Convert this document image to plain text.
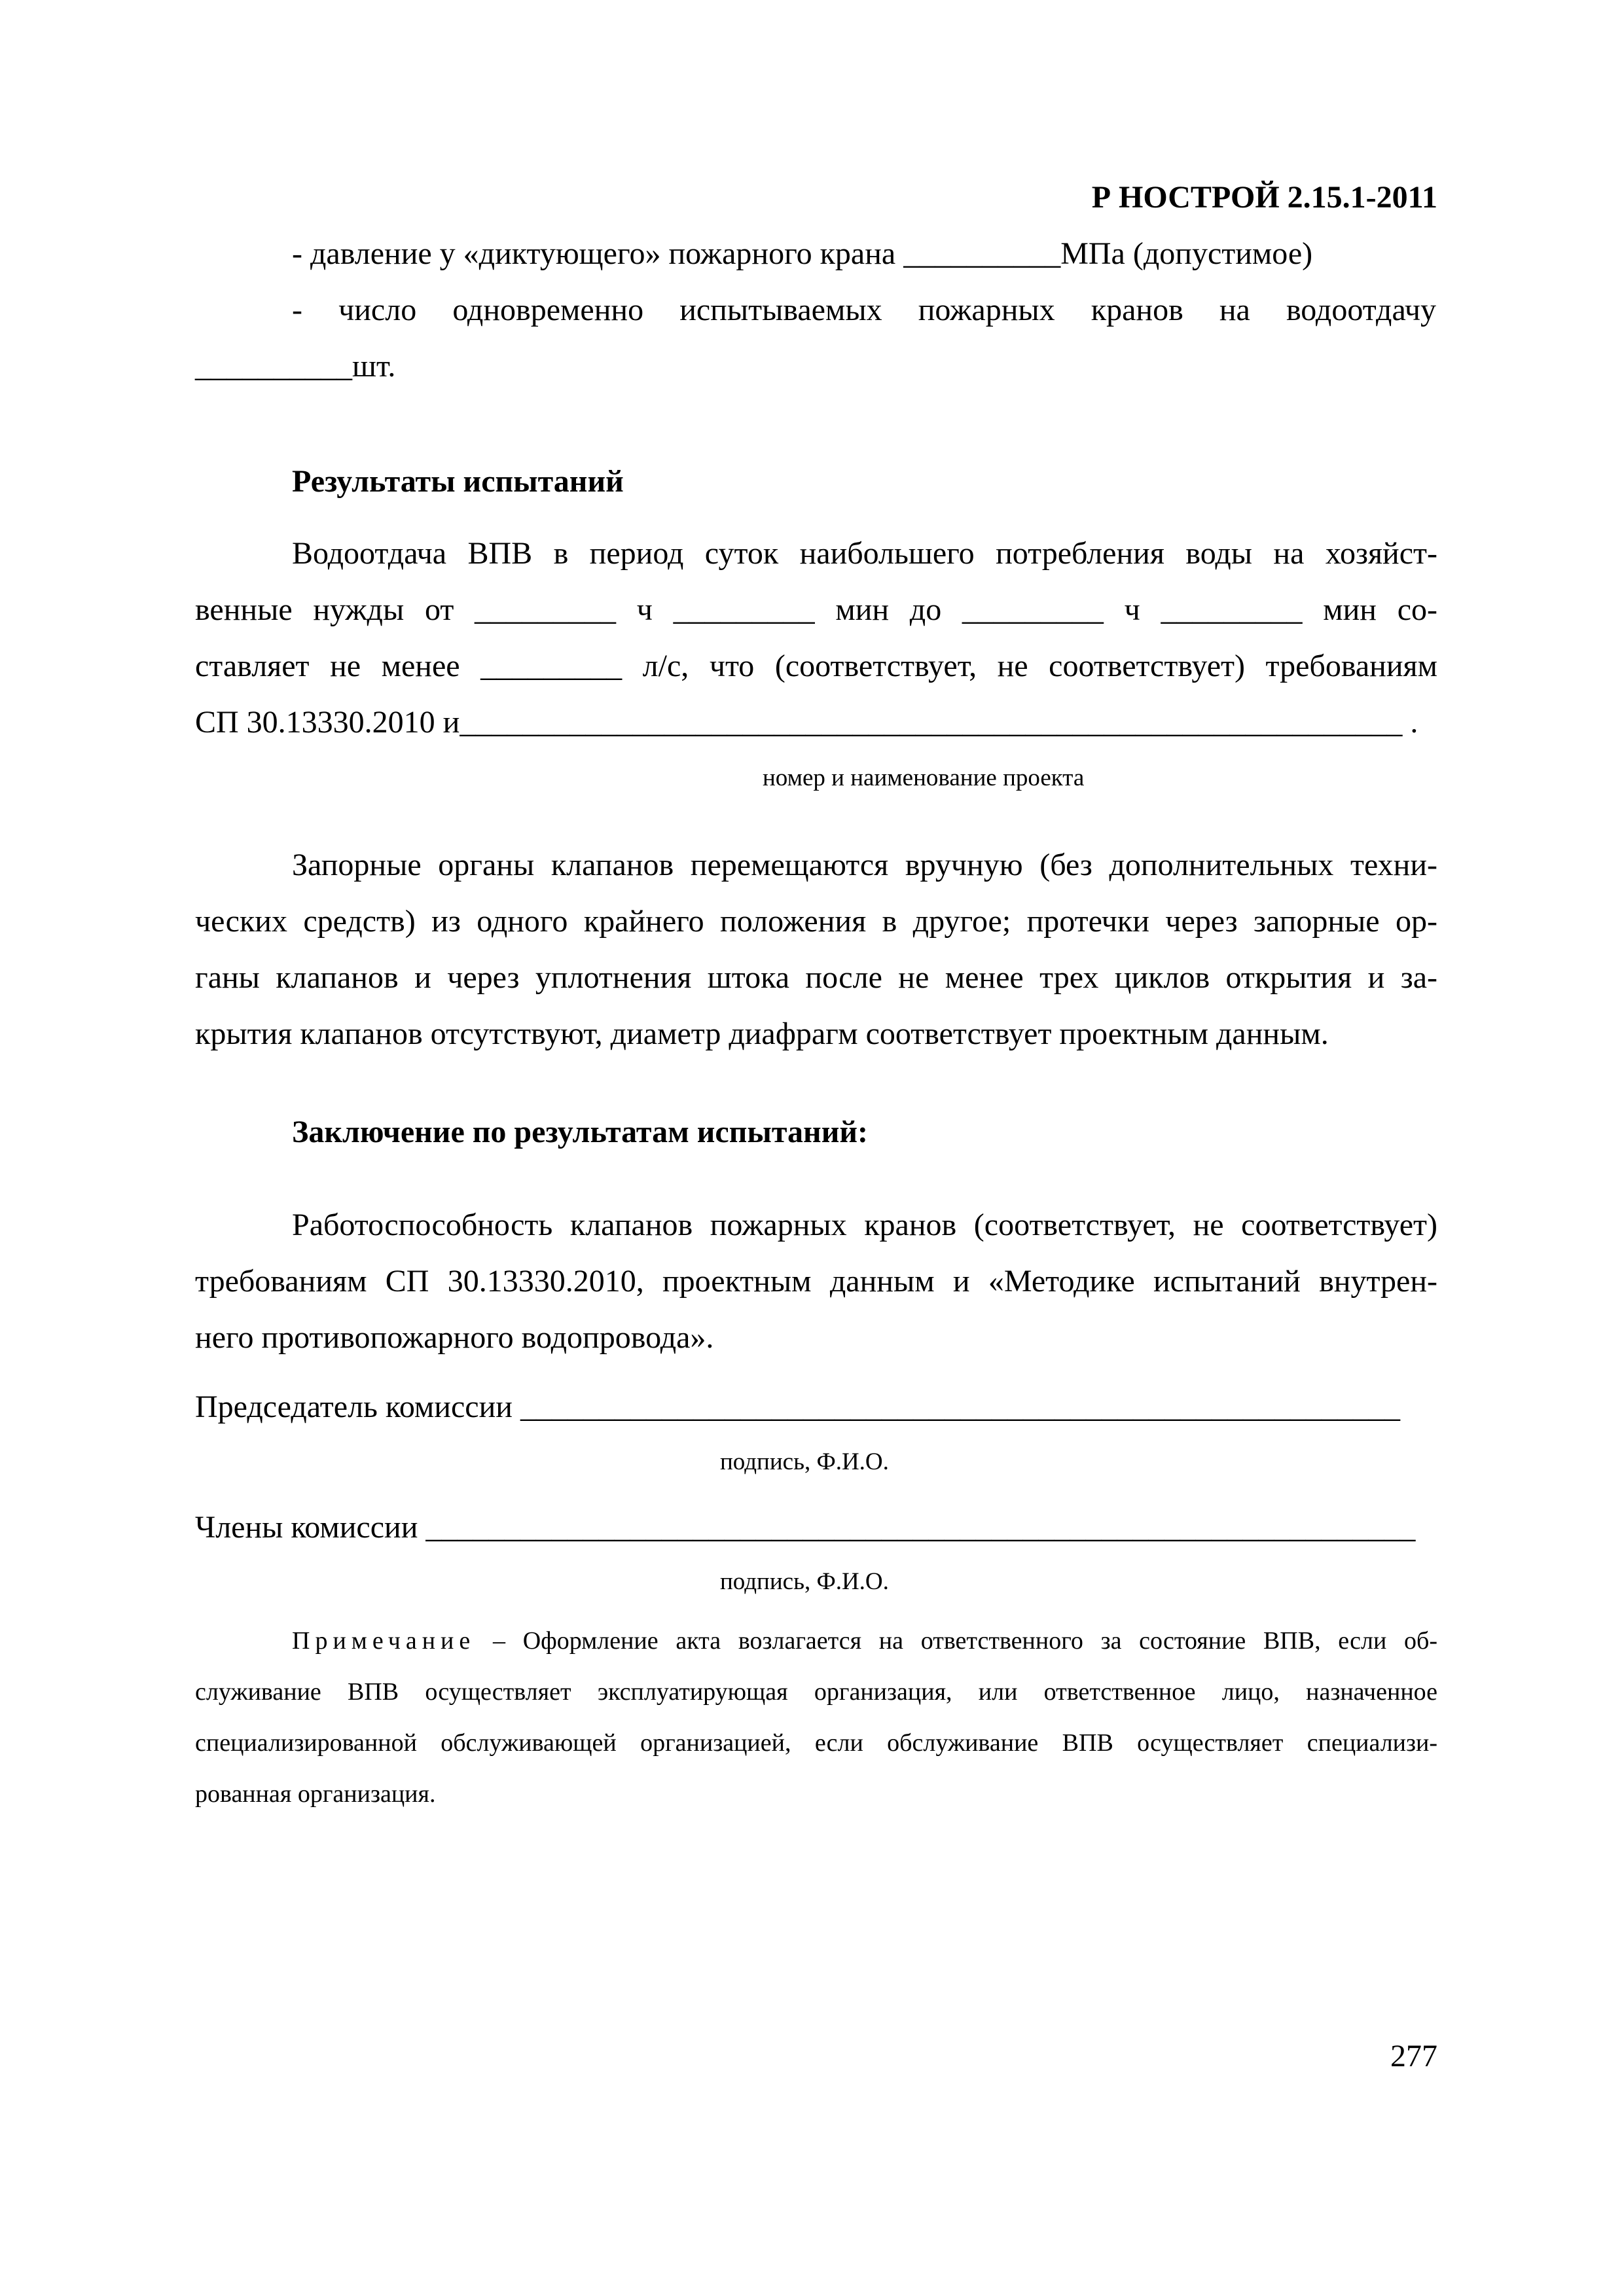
Р НОСТРОЙ 2.15.1-2011
- давление у «диктующего» пожарного крана __________МПа (допустимое)
- число одновременно испытываемых пожарных кранов на водоотдачу
__________шт.
Результаты испытаний
Водоотдача ВПВ в период суток наибольшего потребления воды на хозяйст-
венные нужды от _________ ч _________ мин до _________ ч _________ мин со-
ставляет не менее _________ л/с, что (соответствует, не соответствует) требованиям
СП 30.13330.2010 и____________________________________________________________ .
номер и наименование проекта
Запорные органы клапанов перемещаются вручную (без дополнительных техни-
ческих средств) из одного крайнего положения в другое; протечки через запорные ор-
ганы клапанов и через уплотнения штока после не менее трех циклов открытия и за-
крытия клапанов отсутствуют, диаметр диафрагм соответствует проектным данным.
Заключение по результатам испытаний:
Работоспособность клапанов пожарных кранов (соответствует, не соответствует)
требованиям СП 30.13330.2010, проектным данным и «Методике испытаний внутрен-
него противопожарного водопровода».
Председатель комиссии ________________________________________________________
подпись, Ф.И.О.
Члены комиссии _______________________________________________________________
подпись, Ф.И.О.
Примечание – Оформление акта возлагается на ответственного за состояние ВПВ, если об-
служивание ВПВ осуществляет эксплуатирующая организация, или ответственное лицо, назначенное
специализированной обслуживающей организацией, если обслуживание ВПВ осуществляет специализи-
рованная организация.
277
